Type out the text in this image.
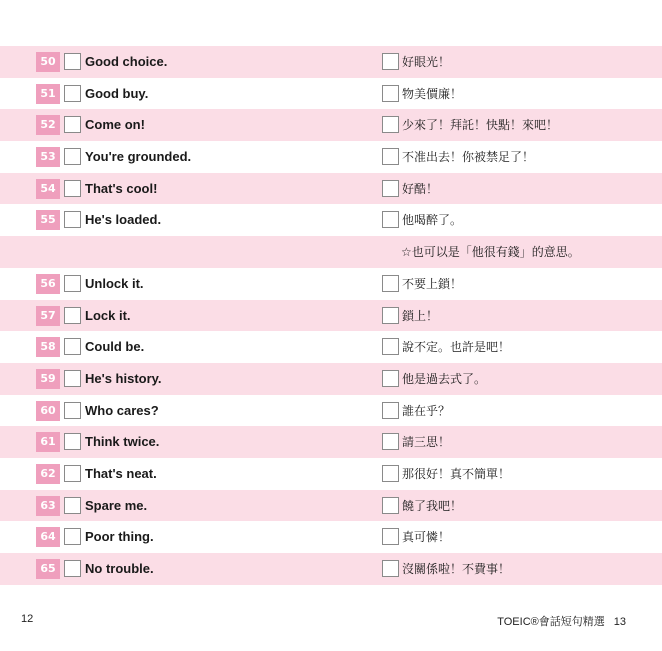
50	Good choice.	好眼光！
51	Good buy.	物美價廉！
52	Come on!	少來了！拜託！快點！來吧！
53	You're grounded.	不准出去！你被禁足了！
54	That's cool!	好酷！
55	He's loaded.	他喝醉了。
☆也可以是「他很有錢」的意思。
56	Unlock it.	不要上鎖！
57	Lock it.	鎖上！
58	Could be.	說不定。也許是吧！
59	He's history.	他是過去式了。
60	Who cares?	誰在乎？
61	Think twice.	請三思！
62	That's neat.	那很好！真不簡單！
63	Spare me.	饒了我吧！
64	Poor thing.	真可憐！
65	No trouble.	沒關係啦！不費事！
12	TOEIC®會話短句精選 13
